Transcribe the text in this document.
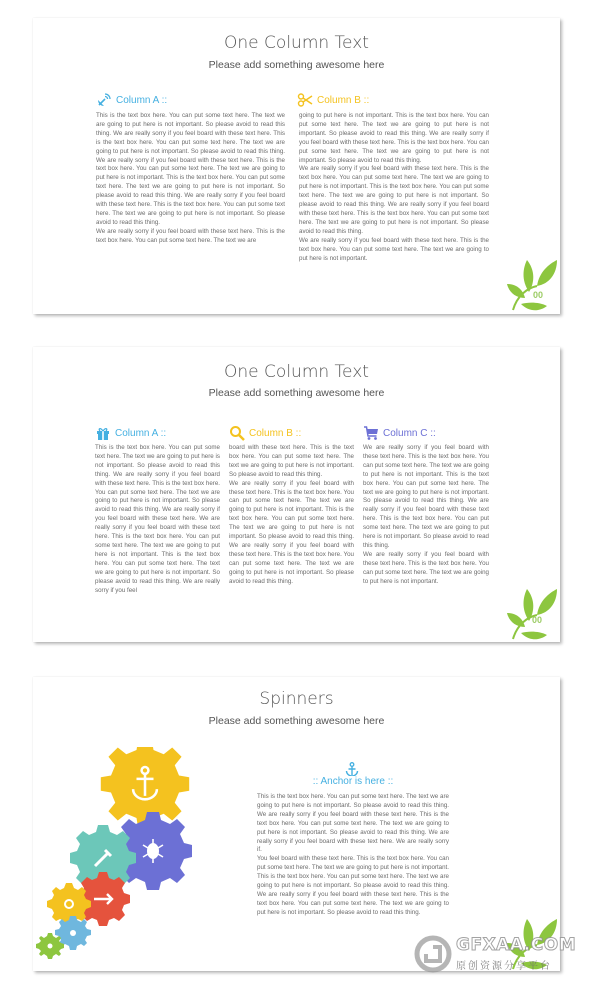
One Column Text
Please add something awesome here
Column A ::	Column B ::

This is the text box here. You can put some text here. The text we are going to put here is not important. So please avoid to read this thing. We are really sorry if you feel board with these text here. This is the text box here. You can put some text here. The text we are going to put here is not important. So please avoid to read this thing. We are really sorry if you feel board with these text here. This is the text box here. You can put some text here. The text we are going to put here is not important. This is the text box here. You can put some text here. The text we are going to put here is not important. So please avoid to read this thing. We are really sorry if you feel board with these text here. This is the text box here. You can put some text here. The text we are going to put here is not important. So please avoid to read this thing.

We are really sorry if you feel board with these text here. This is the text box here. You can put some text here. The text we are

going to put here is not important. This is the text box here. You can put some text here. The text we are going to put here is not important. So please avoid to read this thing. We are really sorry if you feel board with these text here. This is the text box here. You can put some text here. The text we are going to put here is not important. So please avoid to read this thing.

We are really sorry if you feel board with these text here. This is the text box here. You can put some text here. The text we are going to put here is not important. This is the text box here. You can put some text here. The text we are going to put here is not important. So please avoid to read this thing. We are really sorry if you feel board with these text here. This is the text box here. You can put some text here. The text we are going to put here is not important. So please avoid to read this thing.

We are really sorry if you feel board with these text here. This is the text box here. You can put some text here. The text we are going to put here is not important.

00
One Column Text
Please add something awesome here
Column A ::	Column B ::	Column C ::

This is the text box here. You can put some text here. The text we are going to put here is not important. So please avoid to read this thing. We are really sorry if you feel board with these text here. This is the text box here. You can put some text here. The text we are going to put here is not important. So please avoid to read this thing. We are really sorry if you feel board with these text here. We are really sorry if you feel board with these text here. This is the text box here. You can put some text here. The text we are going to put here is not important. This is the text box here. You can put some text here. The text we are going to put here is not important. So please avoid to read this thing. We are really sorry if you feel

board with these text here. This is the text box here. You can put some text here. The text we are going to put here is not important. So please avoid to read this thing.

We are really sorry if you feel board with these text here. This is the text box here. You can put some text here. The text we are going to put here is not important. This is the text box here. You can put some text here. The text we are going to put here is not important. So please avoid to read this thing. We are really sorry if you feel board with these text here. This is the text box here. You can put some text here. The text we are going to put here is not important. So please avoid to read this thing.

We are really sorry if you feel board with these text here. This is the text box here. You can put some text here. The text we are going to put here is not important. This is the text box here. You can put some text here. The text we are going to put here is not important. So please avoid to read this thing. We are really sorry if you feel board with these text here. This is the text box here. You can put some text here. The text we are going to put here is not important. So please avoid to read this thing.

We are really sorry if you feel board with these text here. This is the text box here. You can put some text here. The text we are going to put here is not important.

00
Spinners
Please add something awesome here
:: Anchor is here ::

This is the text box here. You can put some text here. The text we are going to put here is not important. So please avoid to read this thing. We are really sorry if you feel board with these text here. This is the text box here. You can put some text here. The text we are going to put here is not important. So please avoid to read this thing. We are really sorry if you feel board with these text here. We are really sorry if.

You feel board with these text here. This is the text box here. You can put some text here. The text we are going to put here is not important. This is the text box here. You can put some text here. The text we are going to put here is not important. So please avoid to read this thing. We are really sorry if you feel board with these text here. This is the text box here. You can put some text here. The text we are going to put here is not important. So please avoid to read this thing.

GFXAA.COM
原创资源分享平台
